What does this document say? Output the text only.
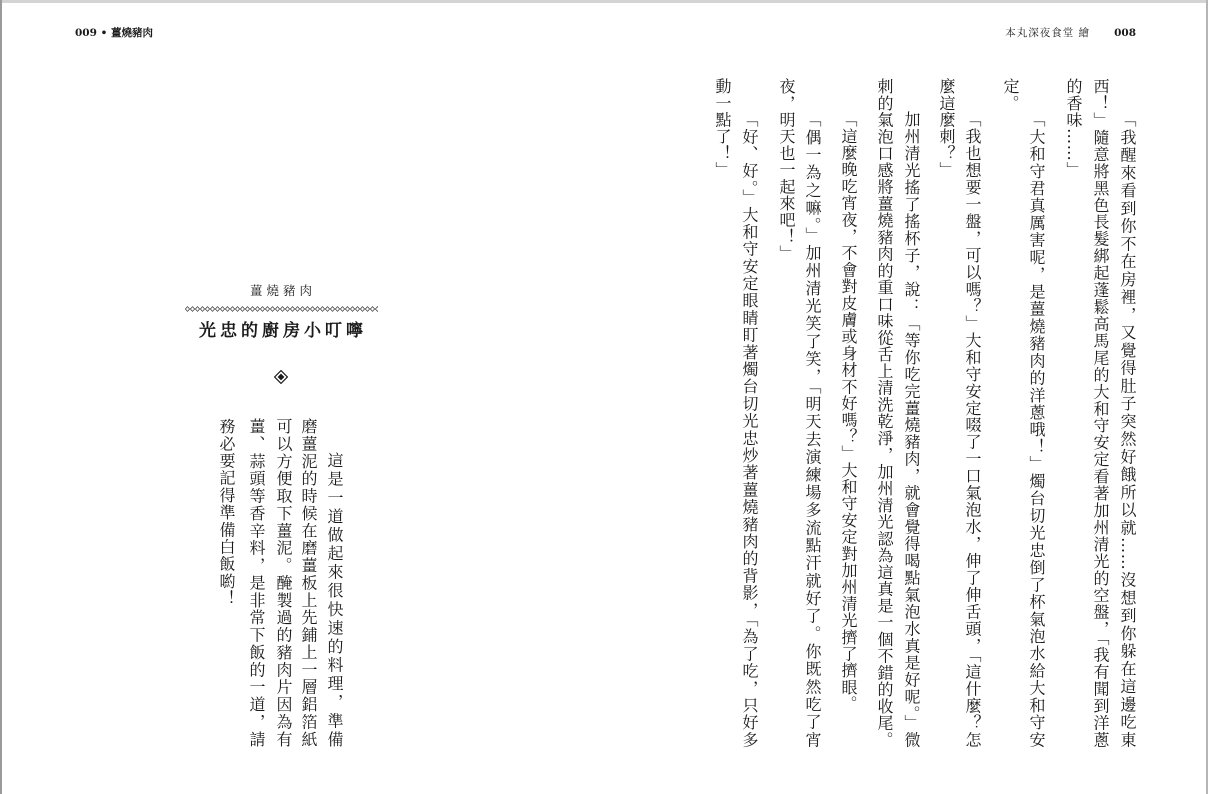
009 • 薑燒豬肉
薑燒豬肉
光忠的廚房小叮嚀
這是一道做起來很快速的料理，準備
磨薑泥的時候在磨薑板上先鋪上一層鋁箔紙
可以方便取下薑泥。醃製過的豬肉片因為有
薑、蒜頭等香辛料，是非常下飯的一道，請
務必要記得準備白飯喲！
本丸深夜食堂 繪 008
「我醒來看到你不在房裡，又覺得肚子突然好餓所以就……沒想到你躲在這邊吃東
西！」隨意將黑色長髮綁起蓬鬆高馬尾的大和守安定看著加州清光的空盤，「我有聞到洋蔥
的香味……」
「大和守君真厲害呢，是薑燒豬肉的洋蔥哦！」燭台切光忠倒了杯氣泡水給大和守安
定。
「我也想要一盤，可以嗎？」大和守安定啜了一口氣泡水，伸了伸舌頭，「這什麼？怎
麼這麼刺？」
加州清光搖了搖杯子，說：「等你吃完薑燒豬肉，就會覺得喝點氣泡水真是好呢。」微
刺的氣泡口感將薑燒豬肉的重口味從舌上清洗乾淨，加州清光認為這真是一個不錯的收尾。
「這麼晚吃宵夜，不會對皮膚或身材不好嗎？」大和守安定對加州清光擠了擠眼。
「偶一為之嘛。」加州清光笑了笑，「明天去演練場多流點汗就好了。你既然吃了宵
夜，明天也一起來吧！」
「好、好。」大和守安定眼睛盯著燭台切光忠炒著薑燒豬肉的背影，「為了吃，只好多
動一點了！」
